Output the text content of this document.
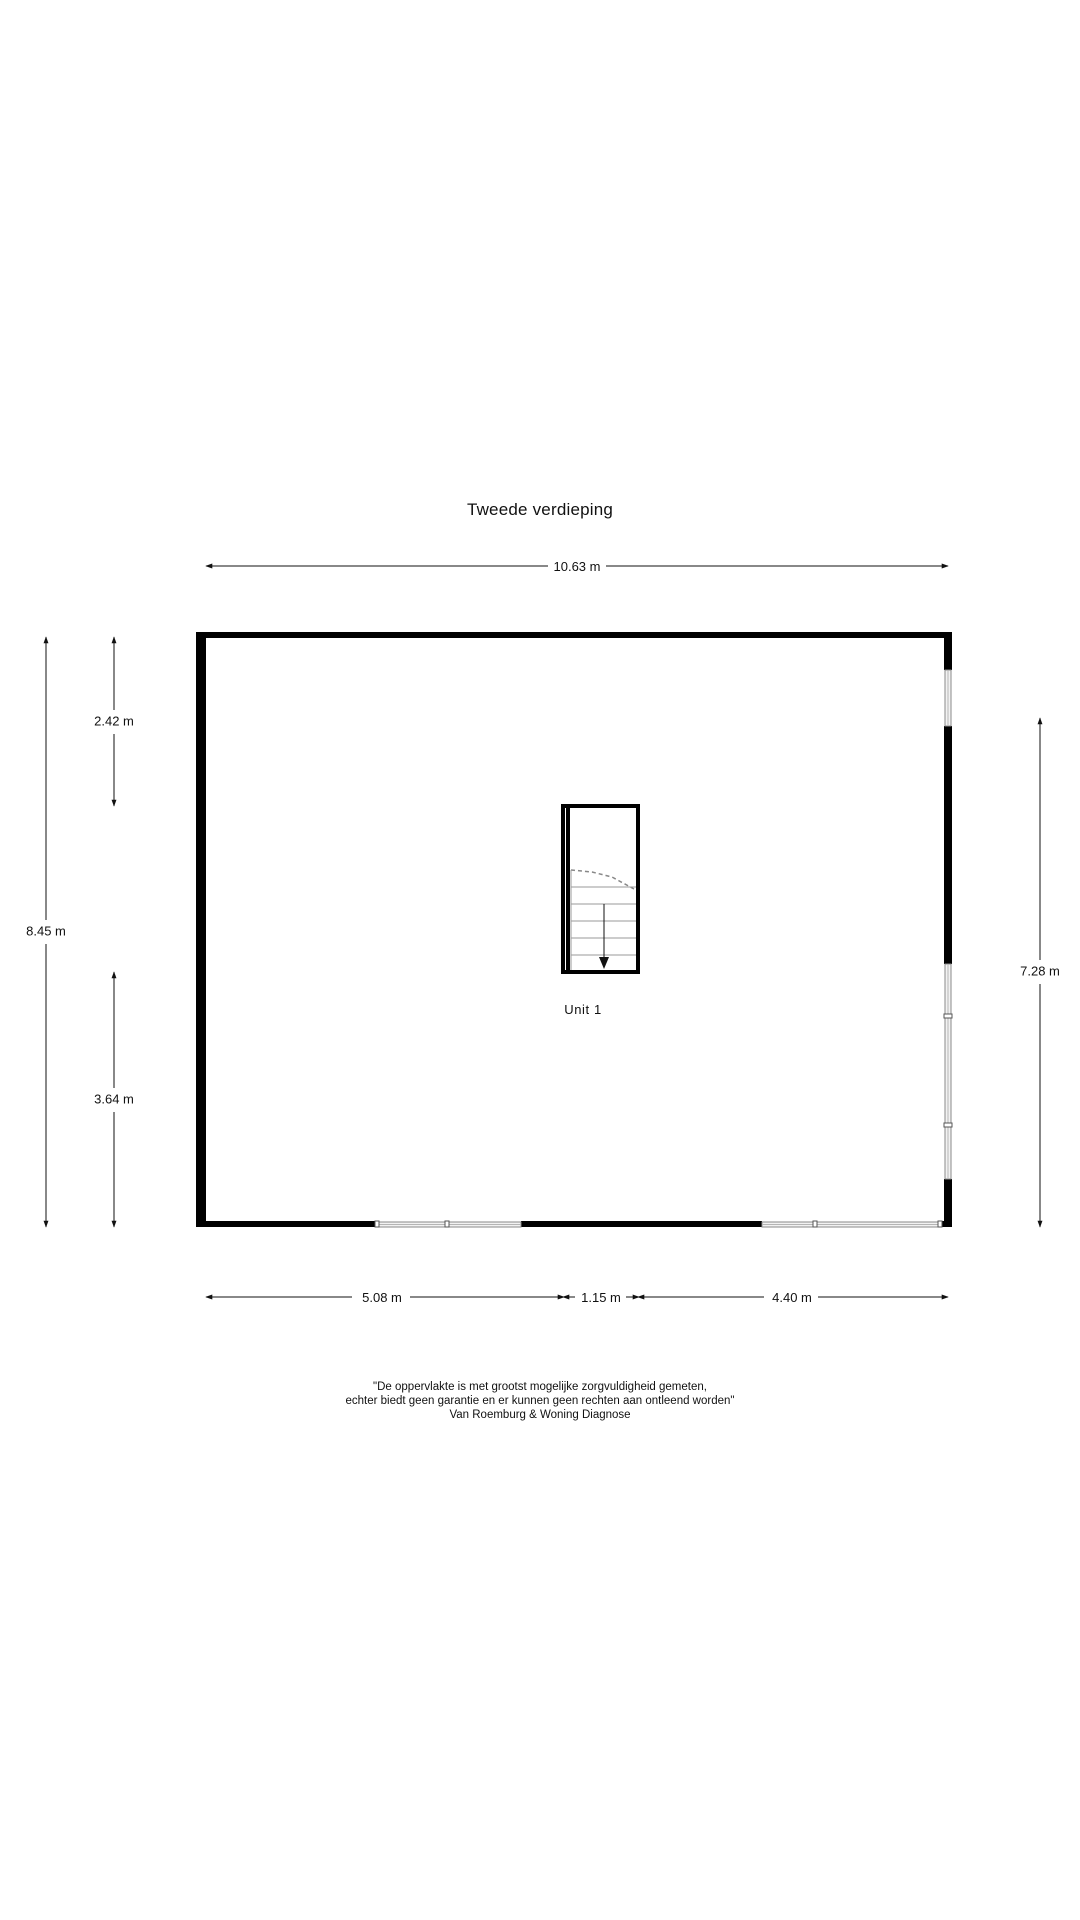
Tweede verdieping
Unit 1
10.63 m
8.45 m
2.42 m
3.64 m
7.28 m
5.08 m	1.15 m	4.40 m
"De oppervlakte is met grootst mogelijke zorgvuldigheid gemeten,
echter biedt geen garantie en er kunnen geen rechten aan ontleend worden"
Van Roemburg & Woning Diagnose
